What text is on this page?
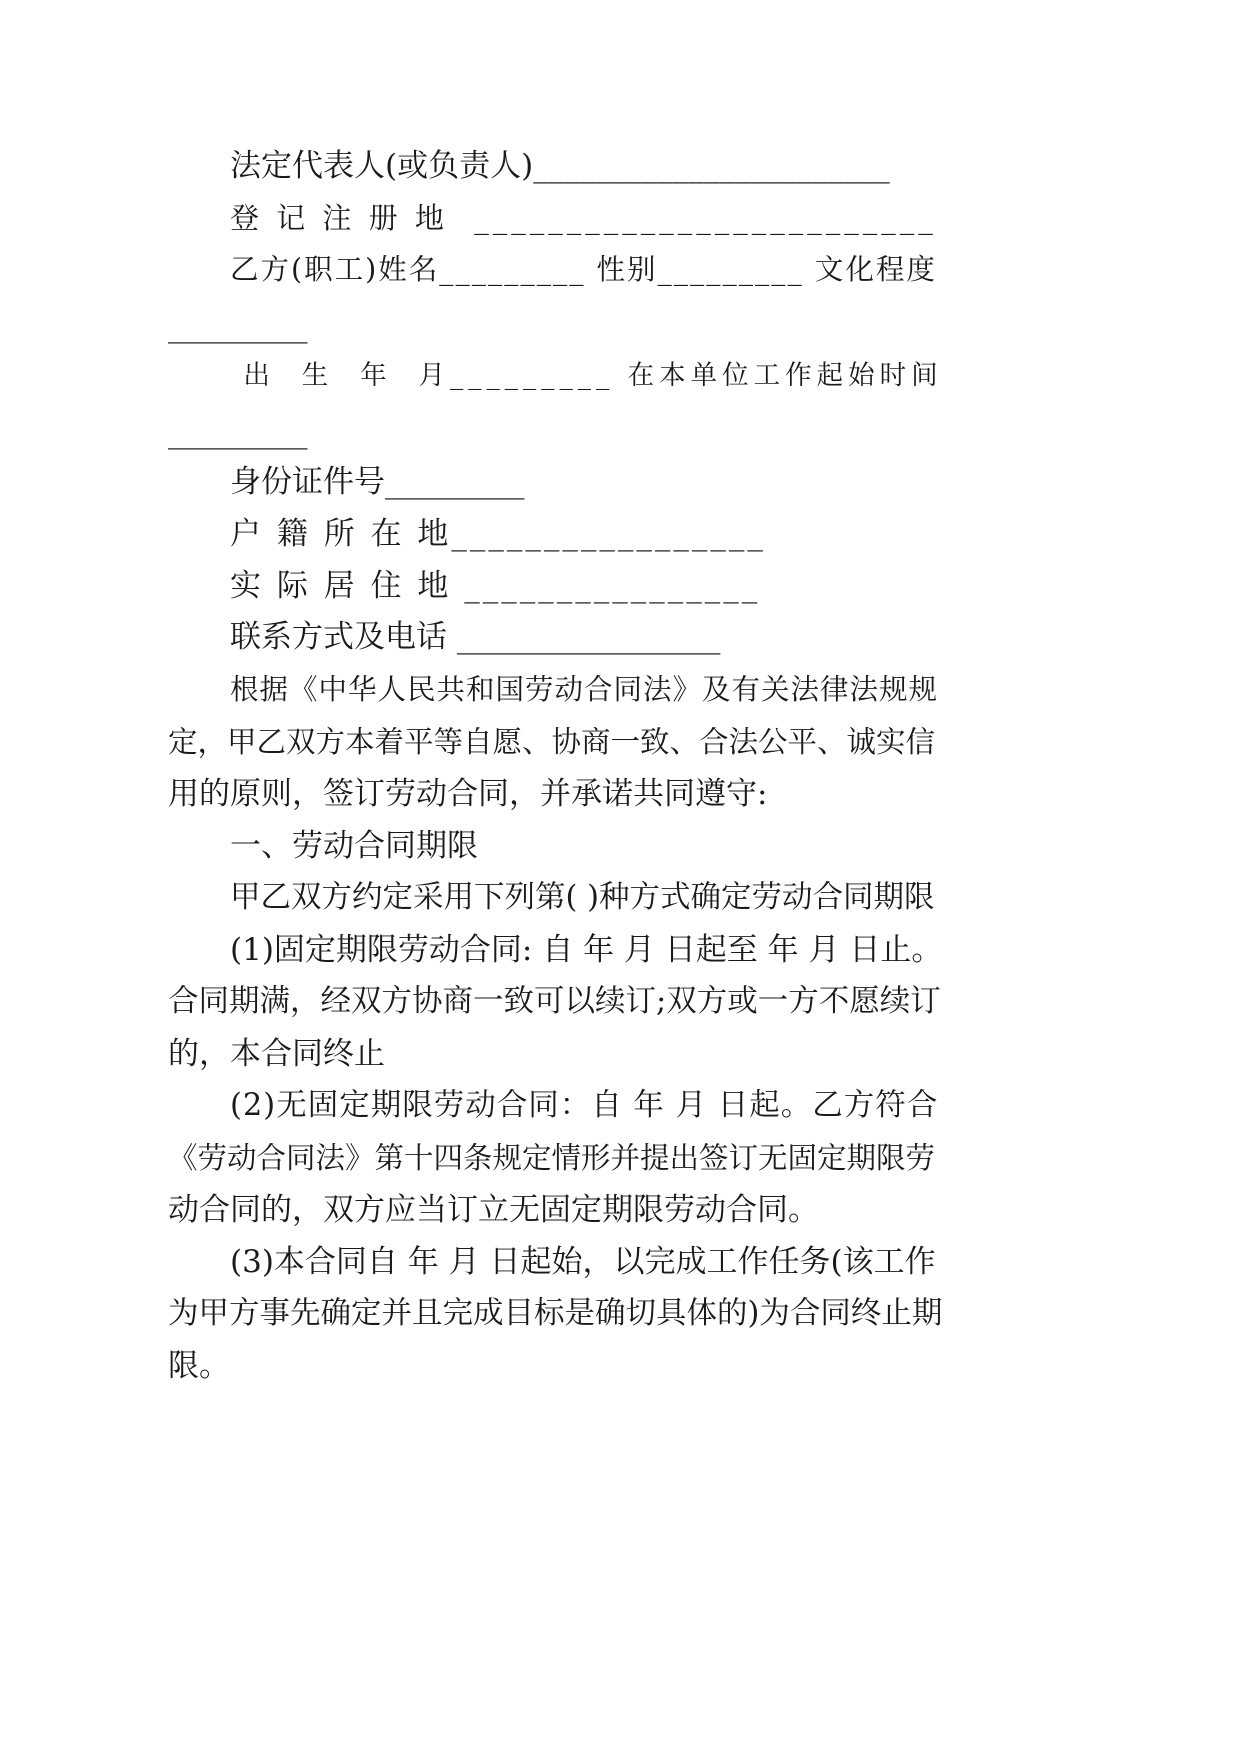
法定代表人(或负责人)_______________________
登 记 注 册 地  _________________________
乙方(职工)姓名_________ 性别_________ 文化程度
_________
出  生  年  月_________ 在本单位工作起始时间
_________
身份证件号_________
户 籍 所 在 地_________________
实 际 居 住 地 ________________
联系方式及电话 _________________
根据《中华人民共和国劳动合同法》及有关法律法规规
定，甲乙双方本着平等自愿、协商一致、合法公平、诚实信
用的原则，签订劳动合同，并承诺共同遵守:
一、劳动合同期限
甲乙双方约定采用下列第( )种方式确定劳动合同期限
(1)固定期限劳动合同: 自 年 月 日起至 年 月 日止。
合同期满，经双方协商一致可以续订;双方或一方不愿续订
的，本合同终止
(2)无固定期限劳动合同：自 年 月 日起。乙方符合
《劳动合同法》第十四条规定情形并提出签订无固定期限劳
动合同的，双方应当订立无固定期限劳动合同。
(3)本合同自 年 月 日起始，以完成工作任务(该工作
为甲方事先确定并且完成目标是确切具体的)为合同终止期
限。
